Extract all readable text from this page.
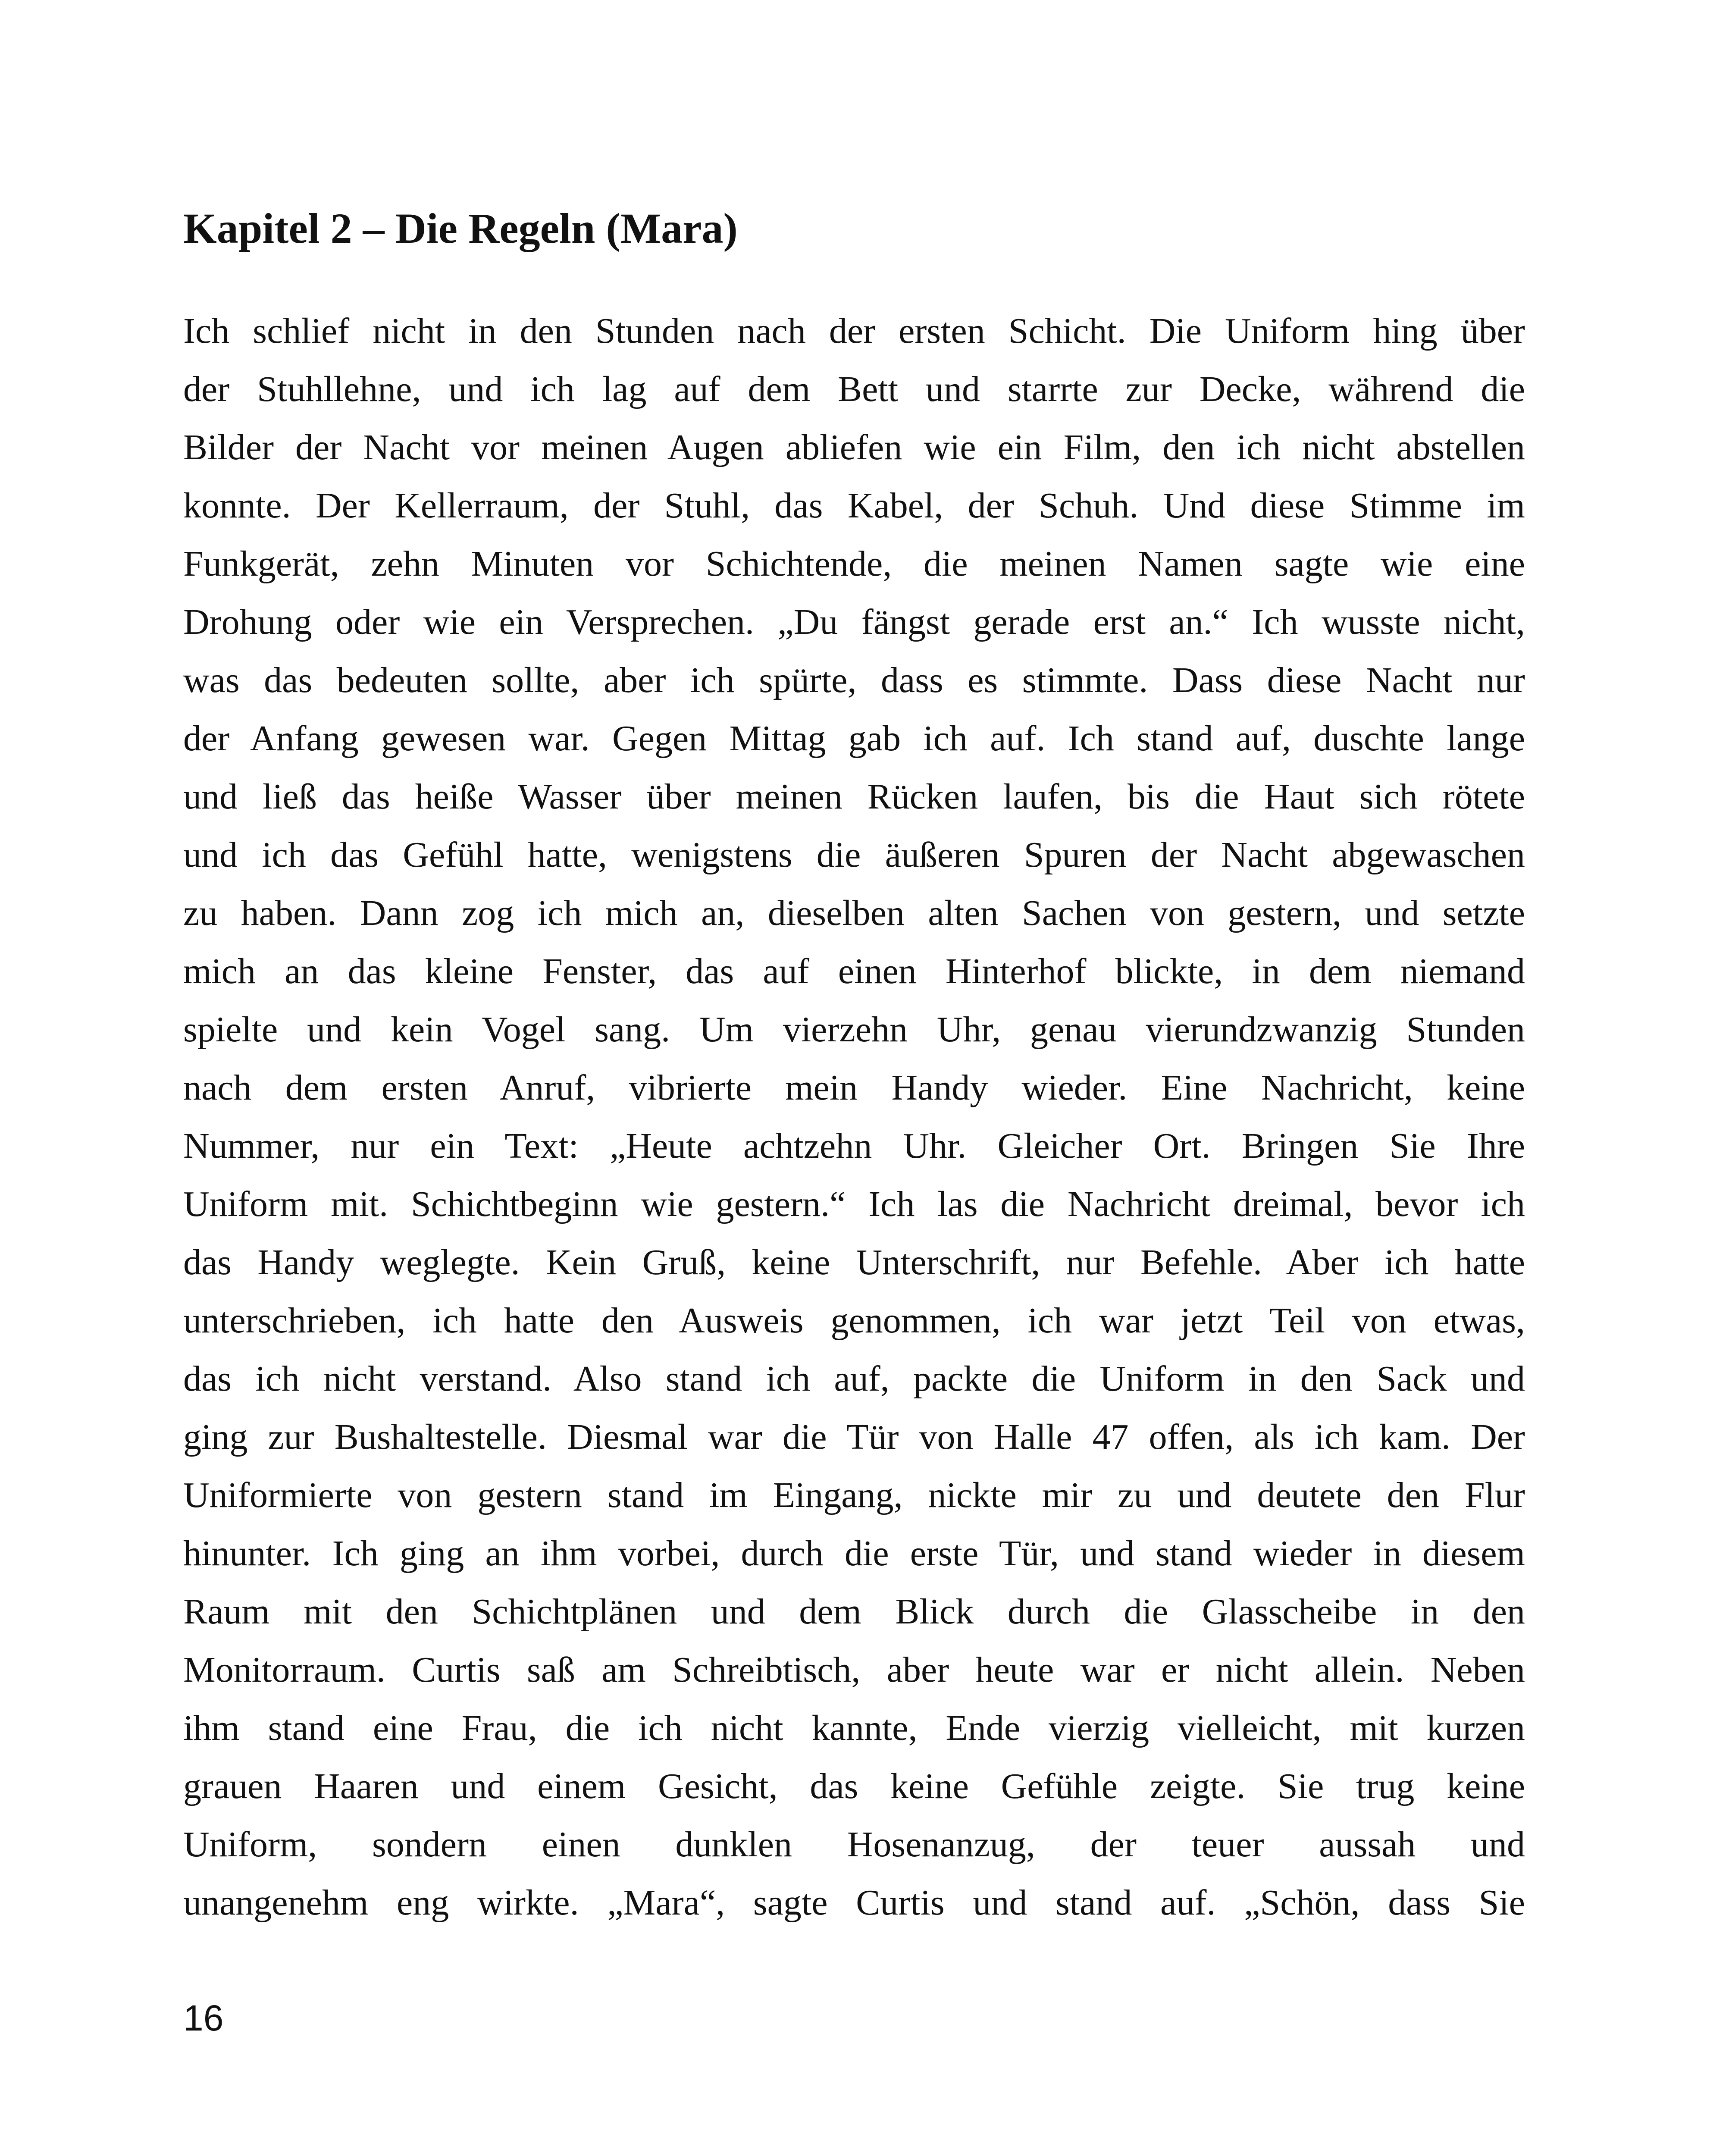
Kapitel 2 – Die Regeln (Mara)
Ich schlief nicht in den Stunden nach der ersten Schicht. Die Uniform hing über
der Stuhllehne, und ich lag auf dem Bett und starrte zur Decke, während die
Bilder der Nacht vor meinen Augen abliefen wie ein Film, den ich nicht abstellen
konnte. Der Kellerraum, der Stuhl, das Kabel, der Schuh. Und diese Stimme im
Funkgerät, zehn Minuten vor Schichtende, die meinen Namen sagte wie eine
Drohung oder wie ein Versprechen. „Du fängst gerade erst an.“ Ich wusste nicht,
was das bedeuten sollte, aber ich spürte, dass es stimmte. Dass diese Nacht nur
der Anfang gewesen war. Gegen Mittag gab ich auf. Ich stand auf, duschte lange
und ließ das heiße Wasser über meinen Rücken laufen, bis die Haut sich rötete
und ich das Gefühl hatte, wenigstens die äußeren Spuren der Nacht abgewaschen
zu haben. Dann zog ich mich an, dieselben alten Sachen von gestern, und setzte
mich an das kleine Fenster, das auf einen Hinterhof blickte, in dem niemand
spielte und kein Vogel sang. Um vierzehn Uhr, genau vierundzwanzig Stunden
nach dem ersten Anruf, vibrierte mein Handy wieder. Eine Nachricht, keine
Nummer, nur ein Text: „Heute achtzehn Uhr. Gleicher Ort. Bringen Sie Ihre
Uniform mit. Schichtbeginn wie gestern.“ Ich las die Nachricht dreimal, bevor ich
das Handy weglegte. Kein Gruß, keine Unterschrift, nur Befehle. Aber ich hatte
unterschrieben, ich hatte den Ausweis genommen, ich war jetzt Teil von etwas,
das ich nicht verstand. Also stand ich auf, packte die Uniform in den Sack und
ging zur Bushaltestelle. Diesmal war die Tür von Halle 47 offen, als ich kam. Der
Uniformierte von gestern stand im Eingang, nickte mir zu und deutete den Flur
hinunter. Ich ging an ihm vorbei, durch die erste Tür, und stand wieder in diesem
Raum mit den Schichtplänen und dem Blick durch die Glasscheibe in den
Monitorraum. Curtis saß am Schreibtisch, aber heute war er nicht allein. Neben
ihm stand eine Frau, die ich nicht kannte, Ende vierzig vielleicht, mit kurzen
grauen Haaren und einem Gesicht, das keine Gefühle zeigte. Sie trug keine
Uniform, sondern einen dunklen Hosenanzug, der teuer aussah und
unangenehm eng wirkte. „Mara“, sagte Curtis und stand auf. „Schön, dass Sie
16
